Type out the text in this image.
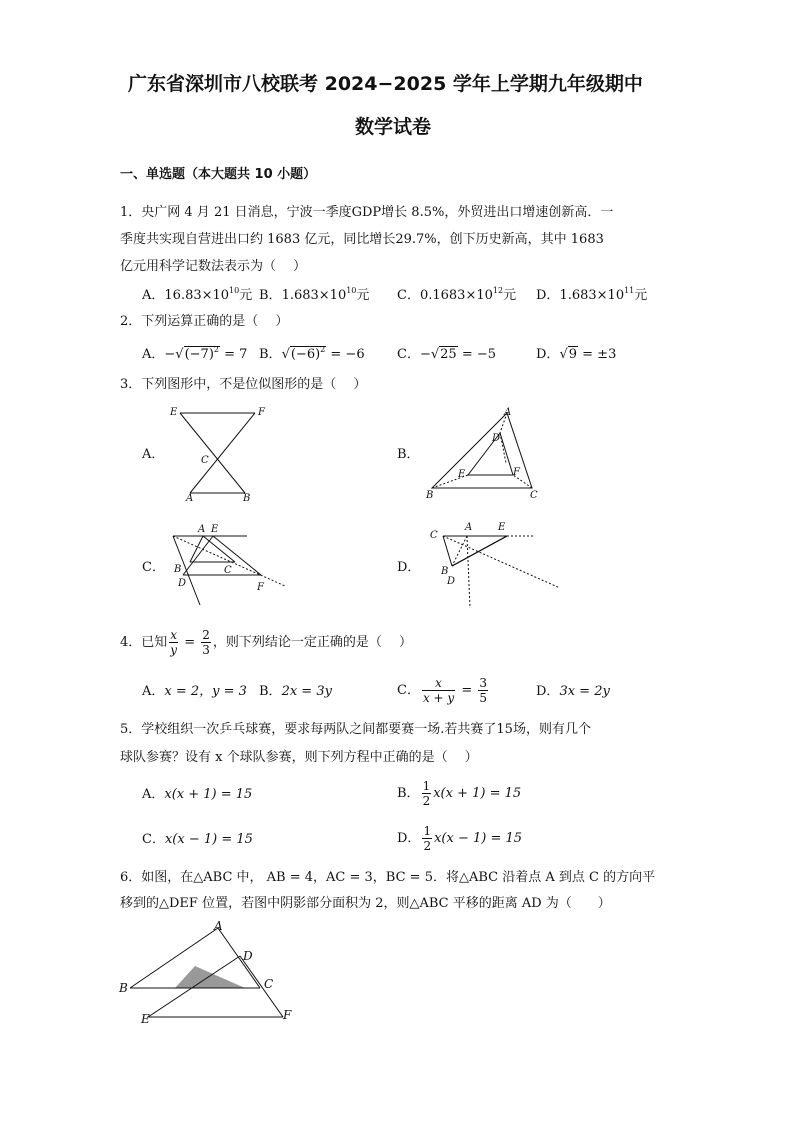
广东省深圳市八校联考 2024−2025 学年上学期九年级期中
数学试卷
一、单选题（本大题共 10 小题）
1．央广网 4 月 21 日消息，宁波一季度GDP增长 8.5%，外贸进出口增速创新高．一
季度共实现自营进出口约 1683 亿元，同比增长29.7%，创下历史新高，其中 1683
亿元用科学记数法表示为（　 ）
A．$16.83\times 10^{10}$元 B．$1.683\times 10^{10}$元 C．$0.1683\times 10^{12}$元 D．$1.683\times 10^{11}$元
2．下列运算正确的是（　 ）
A．$-√(-7)^2 = 7$ B．$√(-6)^2 = -6$ C．−√25 = −5	D．√9 = ±3
3．下列图形中，不是位似图形的是（　 ）
A．
E	F
C
A	B
B．
A
D
E	F
B	C
C．
A E
B	C
D	F
D．
C
A	E
B
D
4．已知 $\frac{x}{y} = \frac{2}{3}$ ，则下列结论一定正确的是（　 ）
A．x = 2，y = 3 B．2x = 3y	C． $\frac{x}{x + y} = \frac{3}{5}$	D．3x = 2y
5．学校组织一次乒乓球赛，要求每两队之间都要赛一场.若共赛了15场，则有几个
球队参赛？设有 x 个球队参赛，则下列方程中正确的是（　 ）
A．x(x + 1) = 15	B． $\frac{1}{2} x(x + 1) = 15$
C．x(x − 1) = 15	D． $\frac{1}{2} x(x - 1) = 15$
6．如图，在△ABC 中， AB = 4，AC = 3，BC = 5．将△ABC 沿着点 A 到点 C 的方向平
移到的△DEF 位置，若图中阴影部分面积为 2，则△ABC 平移的距离 AD 为（　　）
A
D
B	C
E	F
